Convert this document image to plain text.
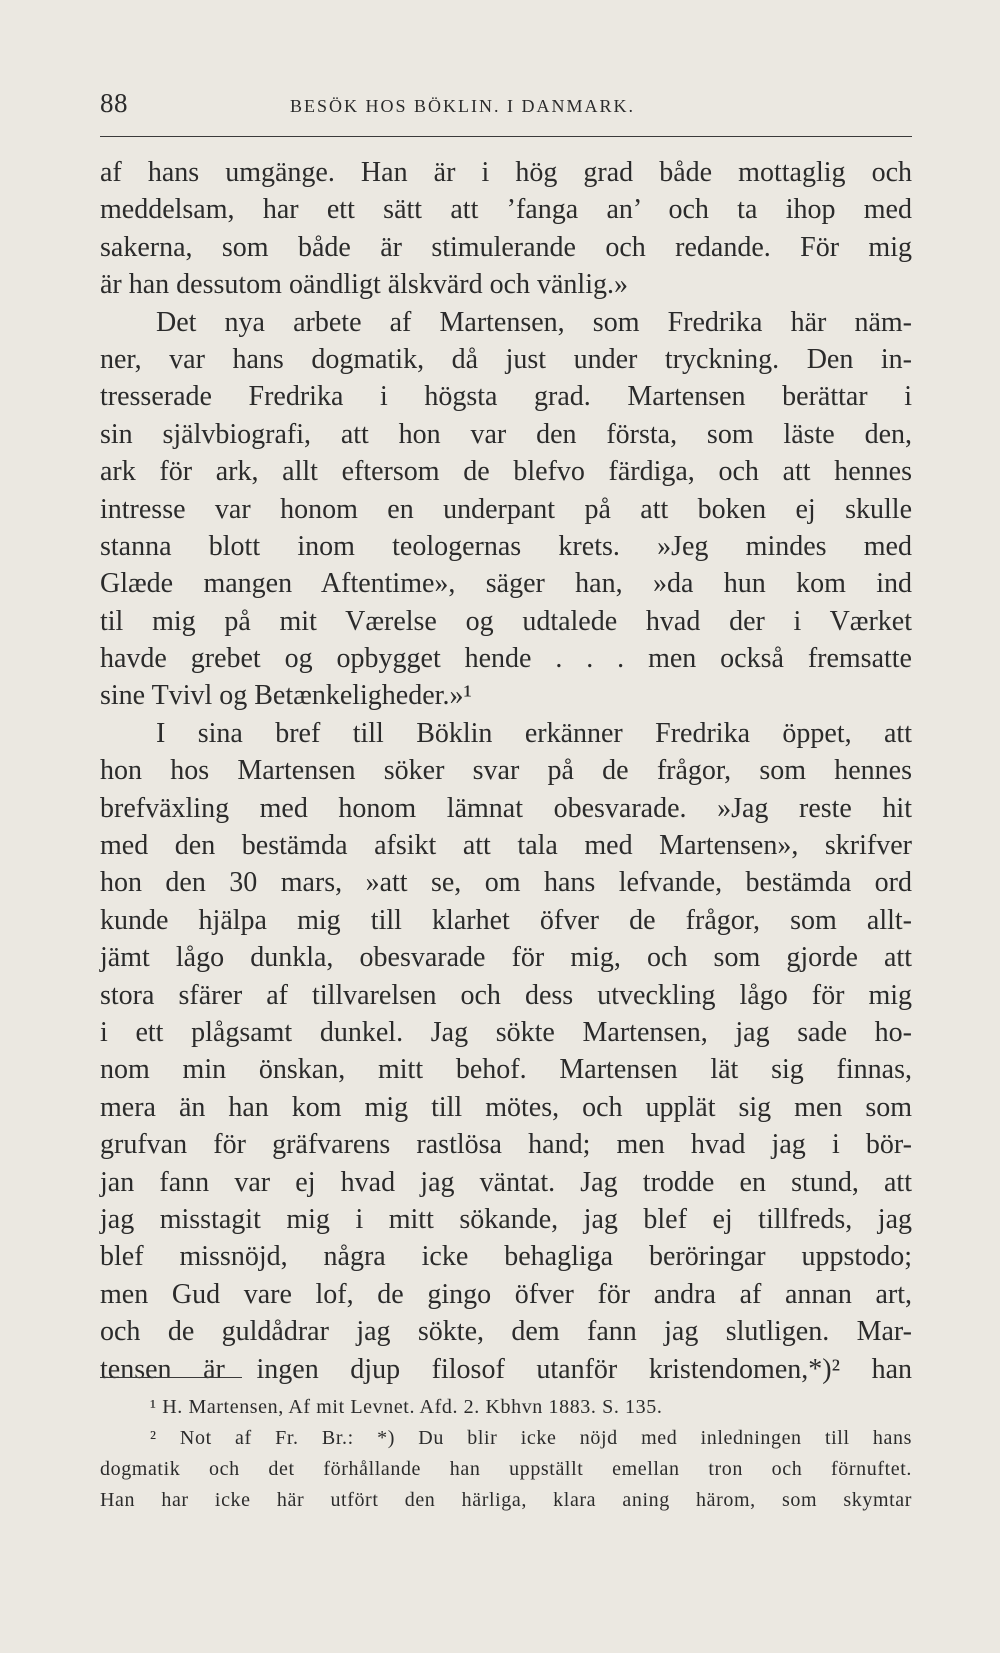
88	BESÖK HOS BÖKLIN. I DANMARK.
af hans umgänge. Han är i hög grad både mottaglig och
meddelsam, har ett sätt att ’fanga an’ och ta ihop med
sakerna, som både är stimulerande och redande. För mig
är han dessutom oändligt älskvärd och vänlig.»
Det nya arbete af Martensen, som Fredrika här näm-
ner, var hans dogmatik, då just under tryckning. Den in-
tresserade Fredrika i högsta grad. Martensen berättar i
sin självbiografi, att hon var den första, som läste den,
ark för ark, allt eftersom de blefvo färdiga, och att hennes
intresse var honom en underpant på att boken ej skulle
stanna blott inom teologernas krets. »Jeg mindes med
Glæde mangen Aftentime», säger han, »da hun kom ind
til mig på mit Værelse og udtalede hvad der i Værket
havde grebet og opbygget hende . . . men också fremsatte
sine Tvivl og Betænkeligheder.»¹
I sina bref till Böklin erkänner Fredrika öppet, att
hon hos Martensen söker svar på de frågor, som hennes
brefväxling med honom lämnat obesvarade. »Jag reste hit
med den bestämda afsikt att tala med Martensen», skrifver
hon den 30 mars, »att se, om hans lefvande, bestämda ord
kunde hjälpa mig till klarhet öfver de frågor, som allt-
jämt lågo dunkla, obesvarade för mig, och som gjorde att
stora sfärer af tillvarelsen och dess utveckling lågo för mig
i ett plågsamt dunkel. Jag sökte Martensen, jag sade ho-
nom min önskan, mitt behof. Martensen lät sig finnas,
mera än han kom mig till mötes, och upplät sig men som
grufvan för gräfvarens rastlösa hand; men hvad jag i bör-
jan fann var ej hvad jag väntat. Jag trodde en stund, att
jag misstagit mig i mitt sökande, jag blef ej tillfreds, jag
blef missnöjd, några icke behagliga beröringar uppstodo;
men Gud vare lof, de gingo öfver för andra af annan art,
och de guldådrar jag sökte, dem fann jag slutligen. Mar-
tensen är ingen djup filosof utanför kristendomen,*)² han
¹ H. Martensen, Af mit Levnet. Afd. 2. Kbhvn 1883. S. 135.
² Not af Fr. Br.: *) Du blir icke nöjd med inledningen till hans
dogmatik och det förhållande han uppställt emellan tron och förnuftet.
Han har icke här utfört den härliga, klara aning härom, som skymtar
